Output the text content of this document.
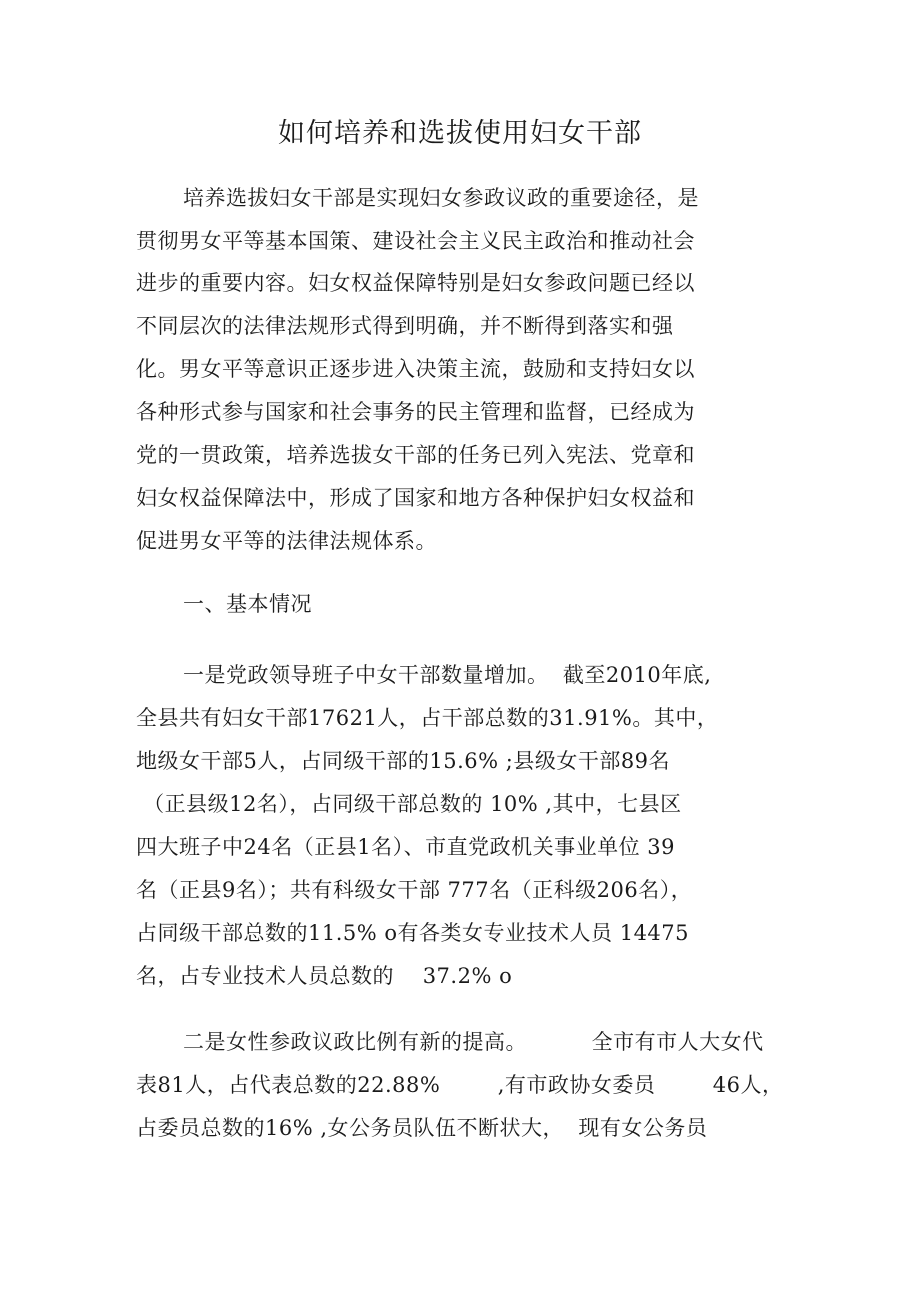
如何培养和选拔使用妇女干部
培养选拔妇女干部是实现妇女参政议政的重要途径，是
贯彻男女平等基本国策、建设社会主义民主政治和推动社会
进步的重要内容。妇女权益保障特别是妇女参政问题已经以
不同层次的法律法规形式得到明确，并不断得到落实和强
化。男女平等意识正逐步进入决策主流，鼓励和支持妇女以
各种形式参与国家和社会事务的民主管理和监督，已经成为
党的一贯政策，培养选拔女干部的任务已列入宪法、党章和
妇女权益保障法中，形成了国家和地方各种保护妇女权益和
促进男女平等的法律法规体系。
一、基本情况
一是党政领导班子中女干部数量增加。  截至2010年底,
全县共有妇女干部17621人，占干部总数的31.91%。其中，
地级女干部5人，占同级干部的15.6% ;县级女干部89名
（正县级12名），占同级干部总数的 10% ,其中，七县区
四大班子中24名（正县1名）、市直党政机关事业单位 39
名（正县9名）；共有科级女干部 777名（正科级206名），
占同级干部总数的11.5% o有各类女专业技术人员 14475
名，占专业技术人员总数的    37.2% o
二是女性参政议政比例有新的提高。         全市有市人大女代
表81人，占代表总数的22.88%        ,有市政协女委员        46人，
占委员总数的16% ,女公务员队伍不断状大，  现有女公务员
